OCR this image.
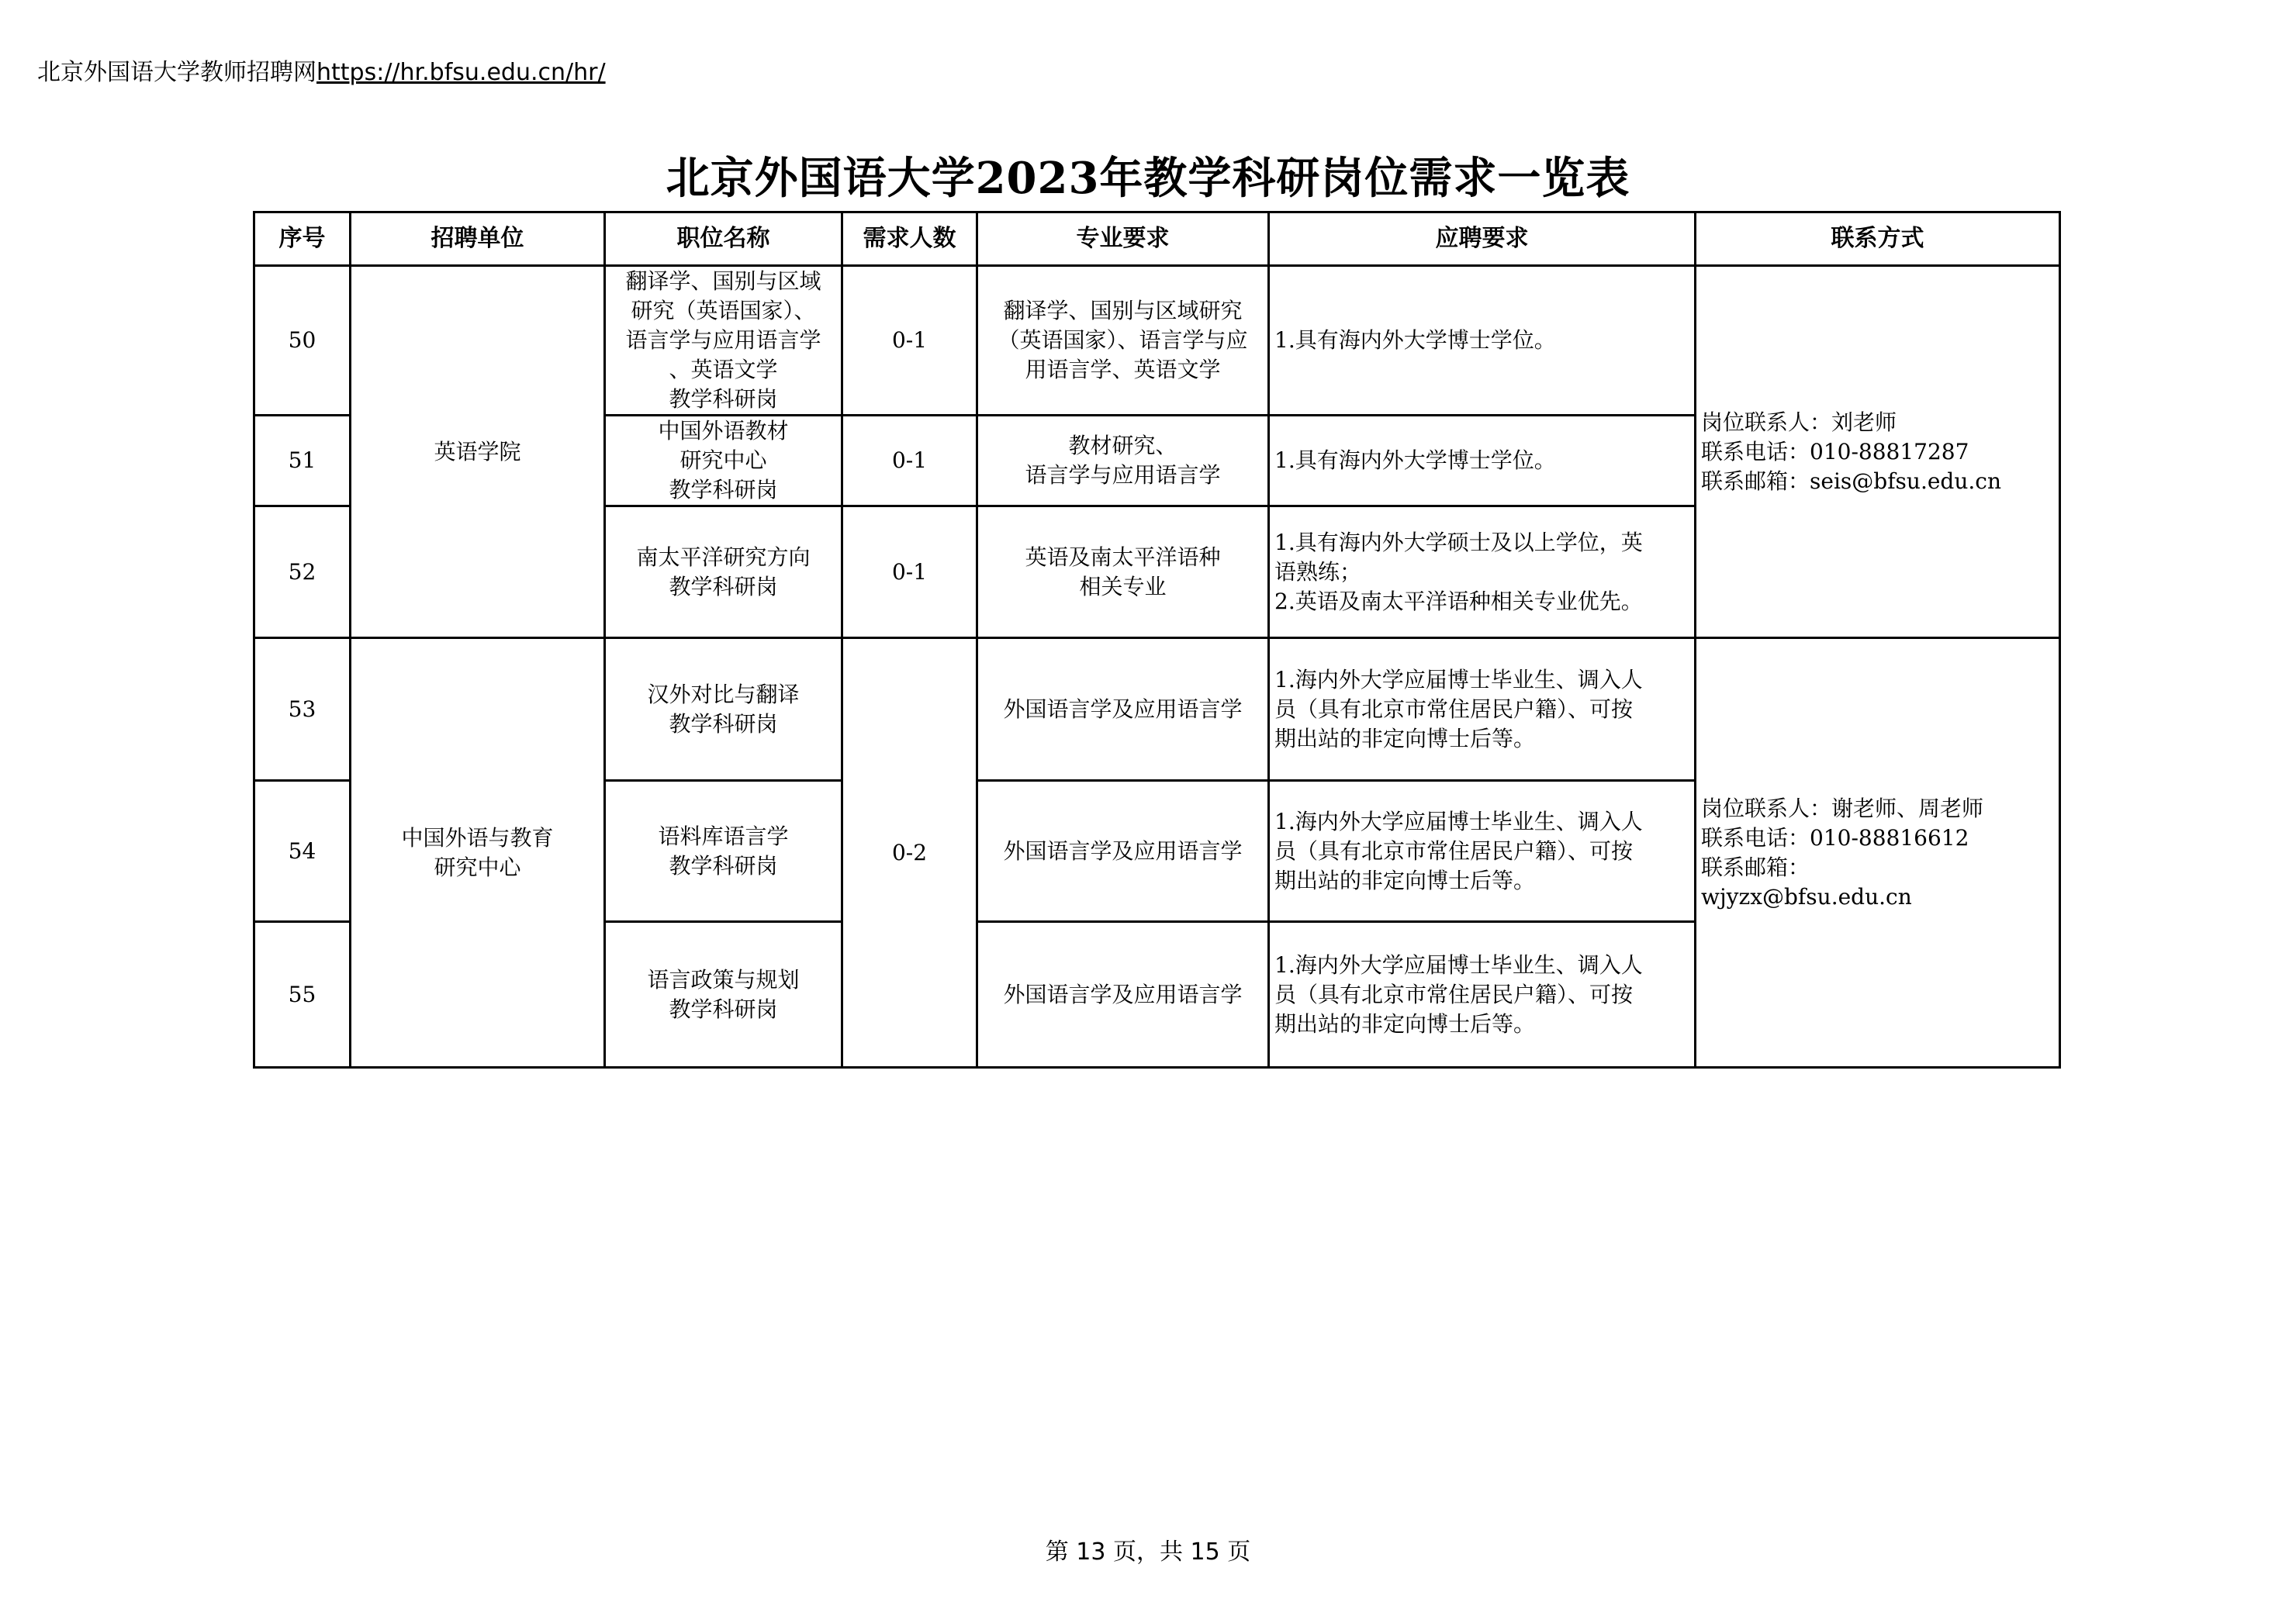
北京外国语大学教师招聘网https://hr.bfsu.edu.cn/hr/
北京外国语大学2023年教学科研岗位需求一览表
序号	招聘单位	职位名称	需求人数	专业要求	应聘要求	联系方式
50	英语学院	翻译学、国别与区域
研究（英语国家）、
语言学与应用语言学
、英语文学
教学科研岗	0-1	翻译学、国别与区域研究
（英语国家）、语言学与应
用语言学、英语文学	1.具有海内外大学博士学位。	岗位联系人：刘老师
联系电话：010-88817287
联系邮箱：seis@bfsu.edu.cn

51		中国外语教材
研究中心
教学科研岗	0-1	教材研究、
语言学与应用语言学	1.具有海内外大学博士学位。	

52		南太平洋研究方向
教学科研岗	0-1	英语及南太平洋语种
相关专业	1.具有海内外大学硕士及以上学位，英
语熟练；
2.英语及南太平洋语种相关专业优先。	

53	中国外语与教育
研究中心	汉外对比与翻译
教学科研岗	0-2	外国语言学及应用语言学	1.海内外大学应届博士毕业生、调入人
员（具有北京市常住居民户籍）、可按
期出站的非定向博士后等。	岗位联系人：谢老师、周老师
联系电话：010-88816612
联系邮箱：
wjyzx@bfsu.edu.cn

54		语料库语言学
教学科研岗		外国语言学及应用语言学	1.海内外大学应届博士毕业生、调入人
员（具有北京市常住居民户籍）、可按
期出站的非定向博士后等。	

55		语言政策与规划
教学科研岗		外国语言学及应用语言学	1.海内外大学应届博士毕业生、调入人
员（具有北京市常住居民户籍）、可按
期出站的非定向博士后等。	
第 13 页，共 15 页
